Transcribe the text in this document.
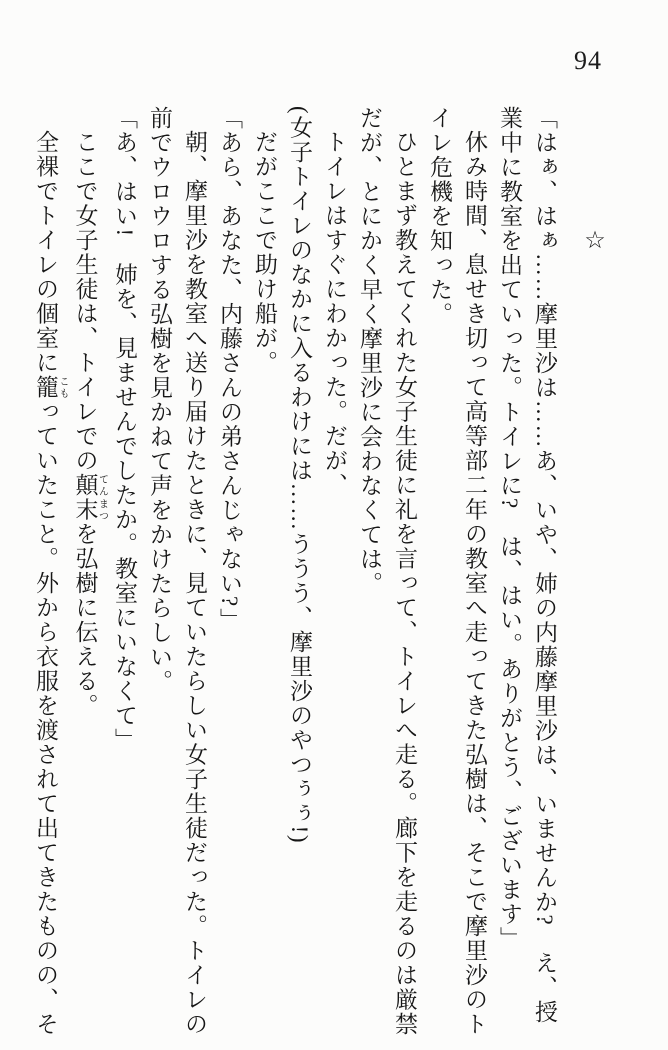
94
☆
「はぁ、はぁ……摩里沙は……あ、いや、姉の内藤摩里沙は、いませんか?　え、授
業中に教室を出ていった。トイレに?　は、はい。ありがとう、ございます」
休み時間、息せき切って高等部二年の教室へ走ってきた弘樹は、そこで摩里沙のト
イレ危機を知った。
ひとまず教えてくれた女子生徒に礼を言って、トイレへ走る。廊下を走るのは厳禁
だが、とにかく早く摩里沙に会わなくては。
トイレはすぐにわかった。だが、
(女子トイレのなかに入るわけには……ううう、摩里沙のやつぅぅ!)
だがここで助け船が。
「あら、あなた、内藤さんの弟さんじゃない?」
朝、摩里沙を教室へ送り届けたときに、見ていたらしい女子生徒だった。トイレの
前でウロウロする弘樹を見かねて声をかけたらしい。
「あ、はい!　姉を、見ませんでしたか。教室にいなくて」
ここで女子生徒は、トイレでの顛末 てんまつを弘樹に伝える。
全裸でトイレの個室に籠 こもっていたこと。外から衣服を渡されて出てきたものの、そ
